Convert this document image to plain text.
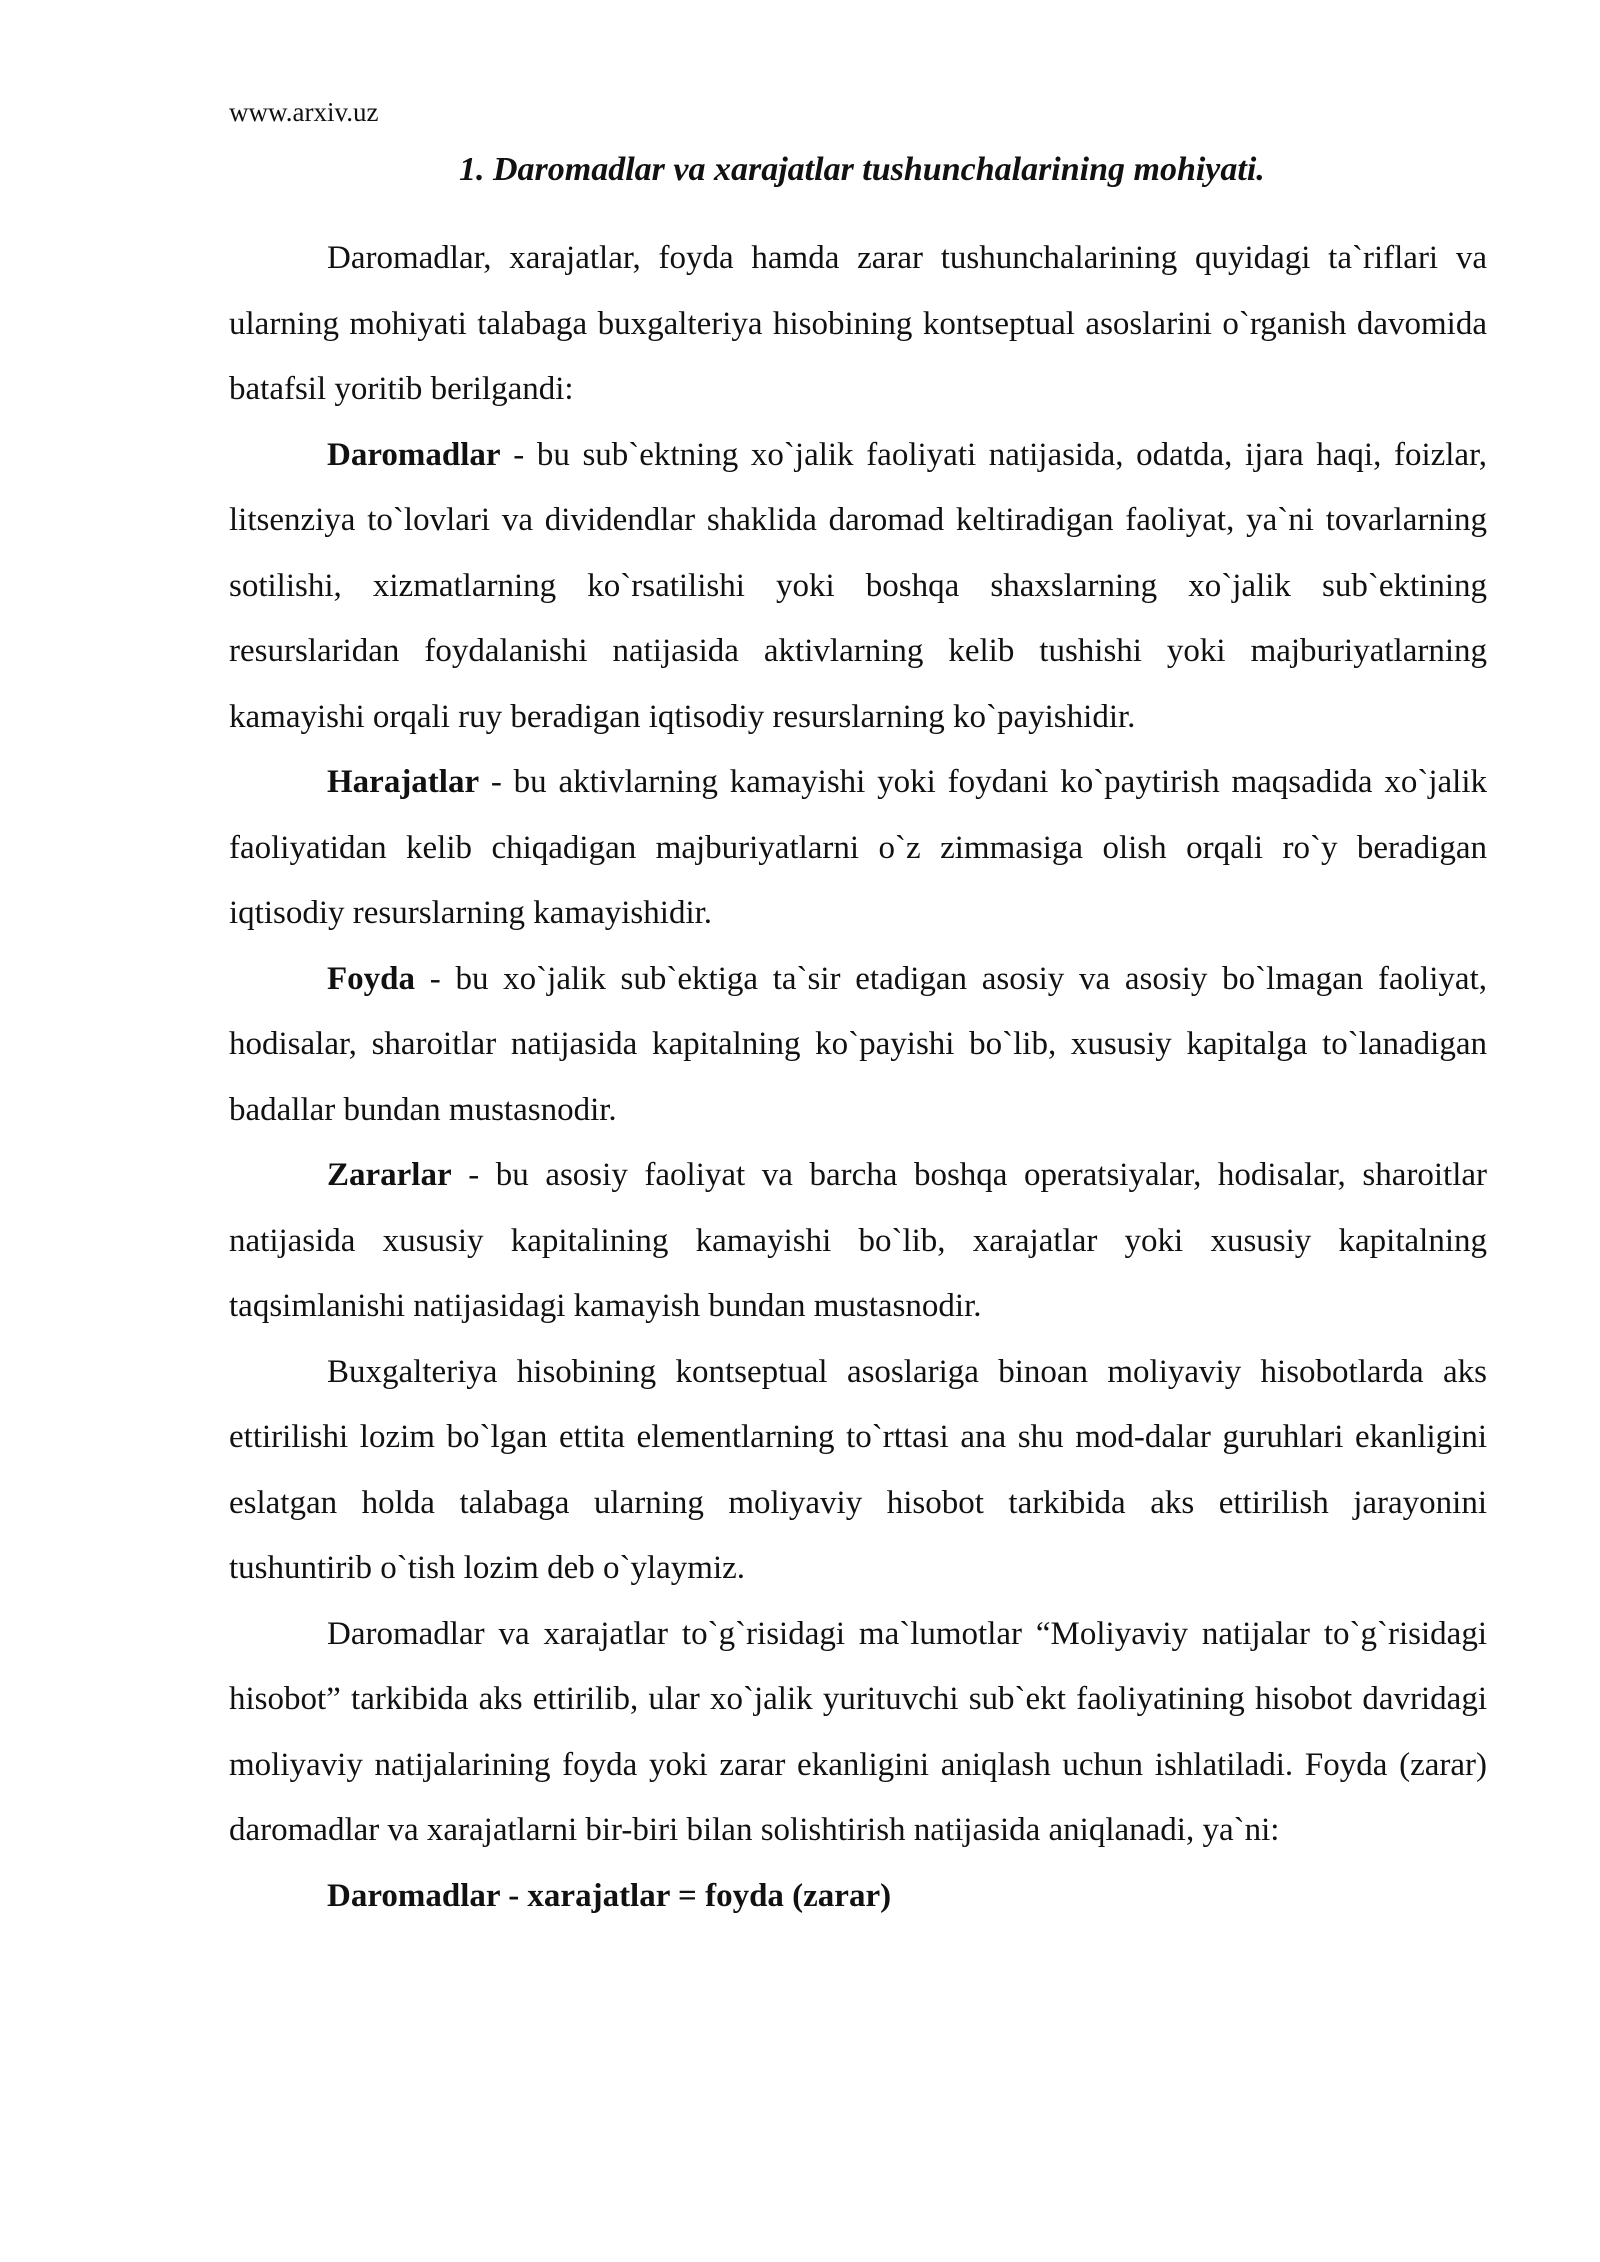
www.arxiv.uz

1. Daromadlar va xarajatlar tushunchalarining mohiyati.

Daromadlar, xarajatlar, foyda hamda zarar tushunchalarining quyidagi ta`riflari va ularning mohiyati talabaga buxgalteriya hisobining kontseptual asoslarini o`rganish davomida batafsil yoritib berilgandi:

Daromadlar - bu sub`ektning xo`jalik faoliyati natijasida, odatda, ijara haqi, foizlar, litsenziya to`lovlari va dividendlar shaklida daromad keltiradigan faoliyat, ya`ni tovarlarning sotilishi, xizmatlarning ko`rsatilishi yoki boshqa shaxslarning xo`jalik sub`ektining resurslaridan foydalanishi natijasida aktivlarning kelib tushishi yoki majburiyatlarning kamayishi orqali ruy beradigan iqtisodiy resurslarning ko`payishidir.

Harajatlar - bu aktivlarning kamayishi yoki foydani ko`paytirish maqsadida xo`jalik faoliyatidan kelib chiqadigan majburiyatlarni o`z zimmasiga olish orqali ro`y beradigan iqtisodiy resurslarning kamayishidir.

Foyda - bu xo`jalik sub`ektiga ta`sir etadigan asosiy va asosiy bo`lmagan faoliyat, hodisalar, sharoitlar natijasida kapitalning ko`payishi bo`lib, xususiy kapitalga to`lanadigan badallar bundan mustasnodir.

Zararlar - bu asosiy faoliyat va barcha boshqa operatsiyalar, hodisalar, sharoitlar natijasida xususiy kapitalining kamayishi bo`lib, xarajatlar yoki xususiy kapitalning taqsimlanishi natijasidagi kamayish bundan mustasnodir.

Buxgalteriya hisobining kontseptual asoslariga binoan moliyaviy hisobotlarda aks ettirilishi lozim bo`lgan ettita elementlarning to`rttasi ana shu mod-dalar guruhlari ekanligini eslatgan holda talabaga ularning moliyaviy hisobot tarkibida aks ettirilish jarayonini tushuntirib o`tish lozim deb o`ylaymiz.

Daromadlar va xarajatlar to`g`risidagi ma`lumotlar “Moliyaviy natijalar to`g`risidagi hisobot” tarkibida aks ettirilib, ular xo`jalik yurituvchi sub`ekt faoliyatining hisobot davridagi moliyaviy natijalarining foyda yoki zarar ekanligini aniqlash uchun ishlatiladi. Foyda (zarar) daromadlar va xarajatlarni bir-biri bilan solishtirish natijasida aniqlanadi, ya`ni:

Daromadlar - xarajatlar = foyda (zarar)
